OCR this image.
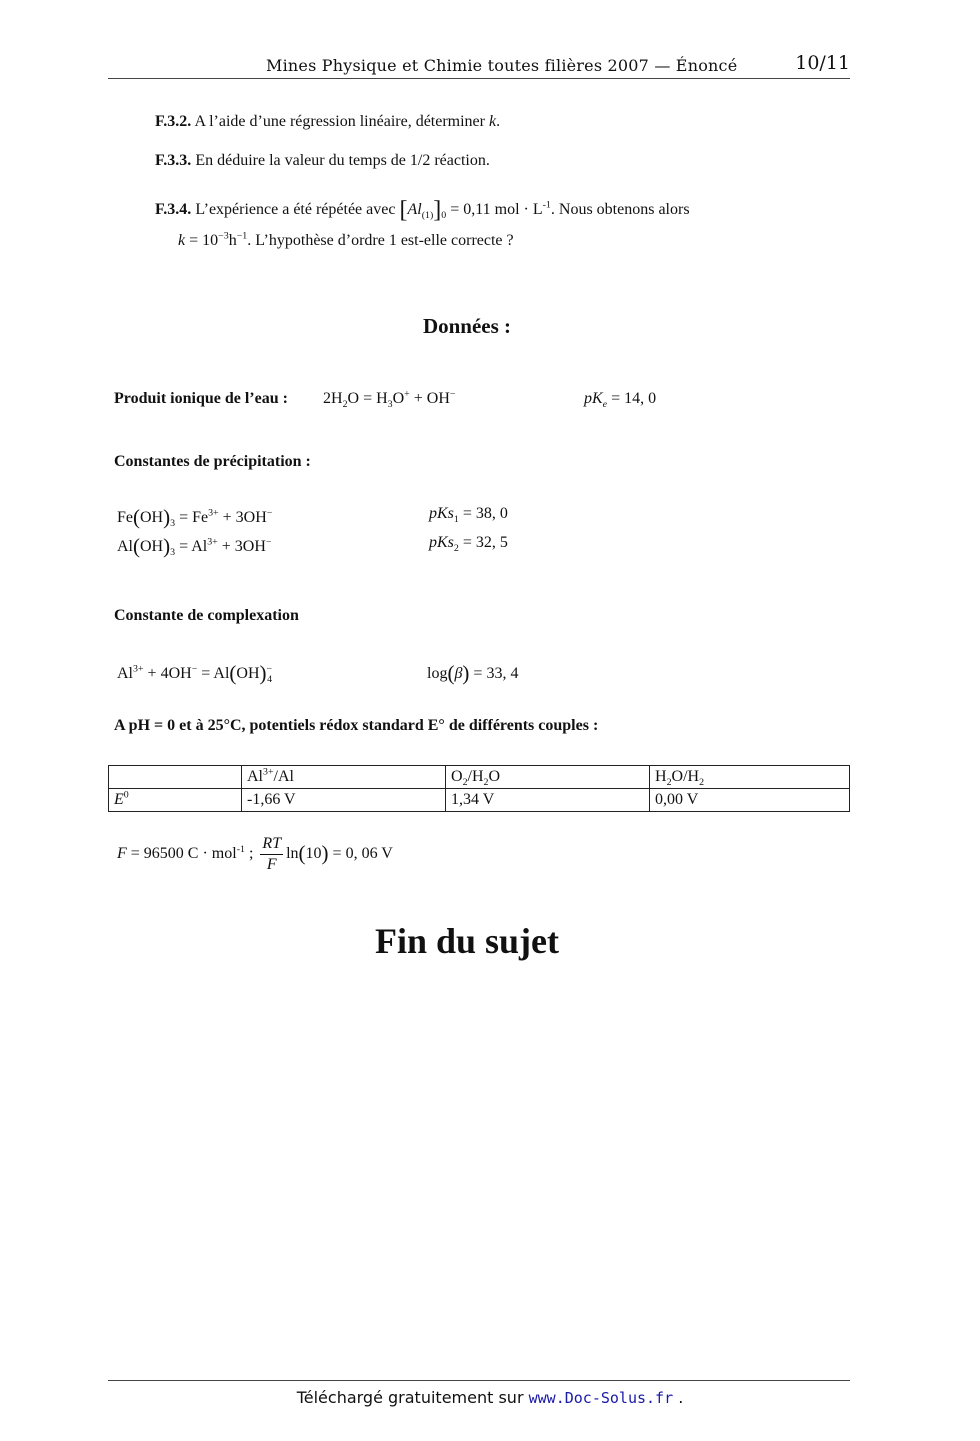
Mines Physique et Chimie toutes filières 2007 — Énoncé	10/11
F.3.2. A l’aide d’une régression linéaire, déterminer k.
F.3.3. En déduire la valeur du temps de 1/2 réaction.
F.3.4. L’expérience a été répétée avec $[Al_{(1)}]_0 = 0,11$ mol · $L^{-1}$. Nous obtenons alors
$k = 10^{-3}h^{-1}$. L’hypothèse d’ordre 1 est-elle correcte ?
Données :
Produit ionique de l’eau : $2H_2O = H_3O^+ + OH^-$	$pK_e = 14$, 0
Constantes de précipitation :
$Fe(OH)_3 = Fe^{3+} + 3OH^-$	pKs$_1$ = 38, 0
$Al(OH)_3 = Al^{3+} + 3OH^-$	pKs$_2$ = 32, 5
Constante de complexation
$Al^{3+} + 4OH^- = Al(OH)^-_4$	log(β) = 33, 4
A pH = 0 et à 25°C, potentiels rédox standard E° de différents couples :
	$Al^{3+}/Al$	$O_2/H_2O$	$H_2O/H_2$
$E^0$	-1,66 V	1,34 V	0,00 V
F = 96500 C · mol$^{-1}$ ; $\frac{RT}{F} \ln(10) = 0$, 06 V
Fin du sujet
Téléchargé gratuitement sur www.Doc-Solus.fr .
